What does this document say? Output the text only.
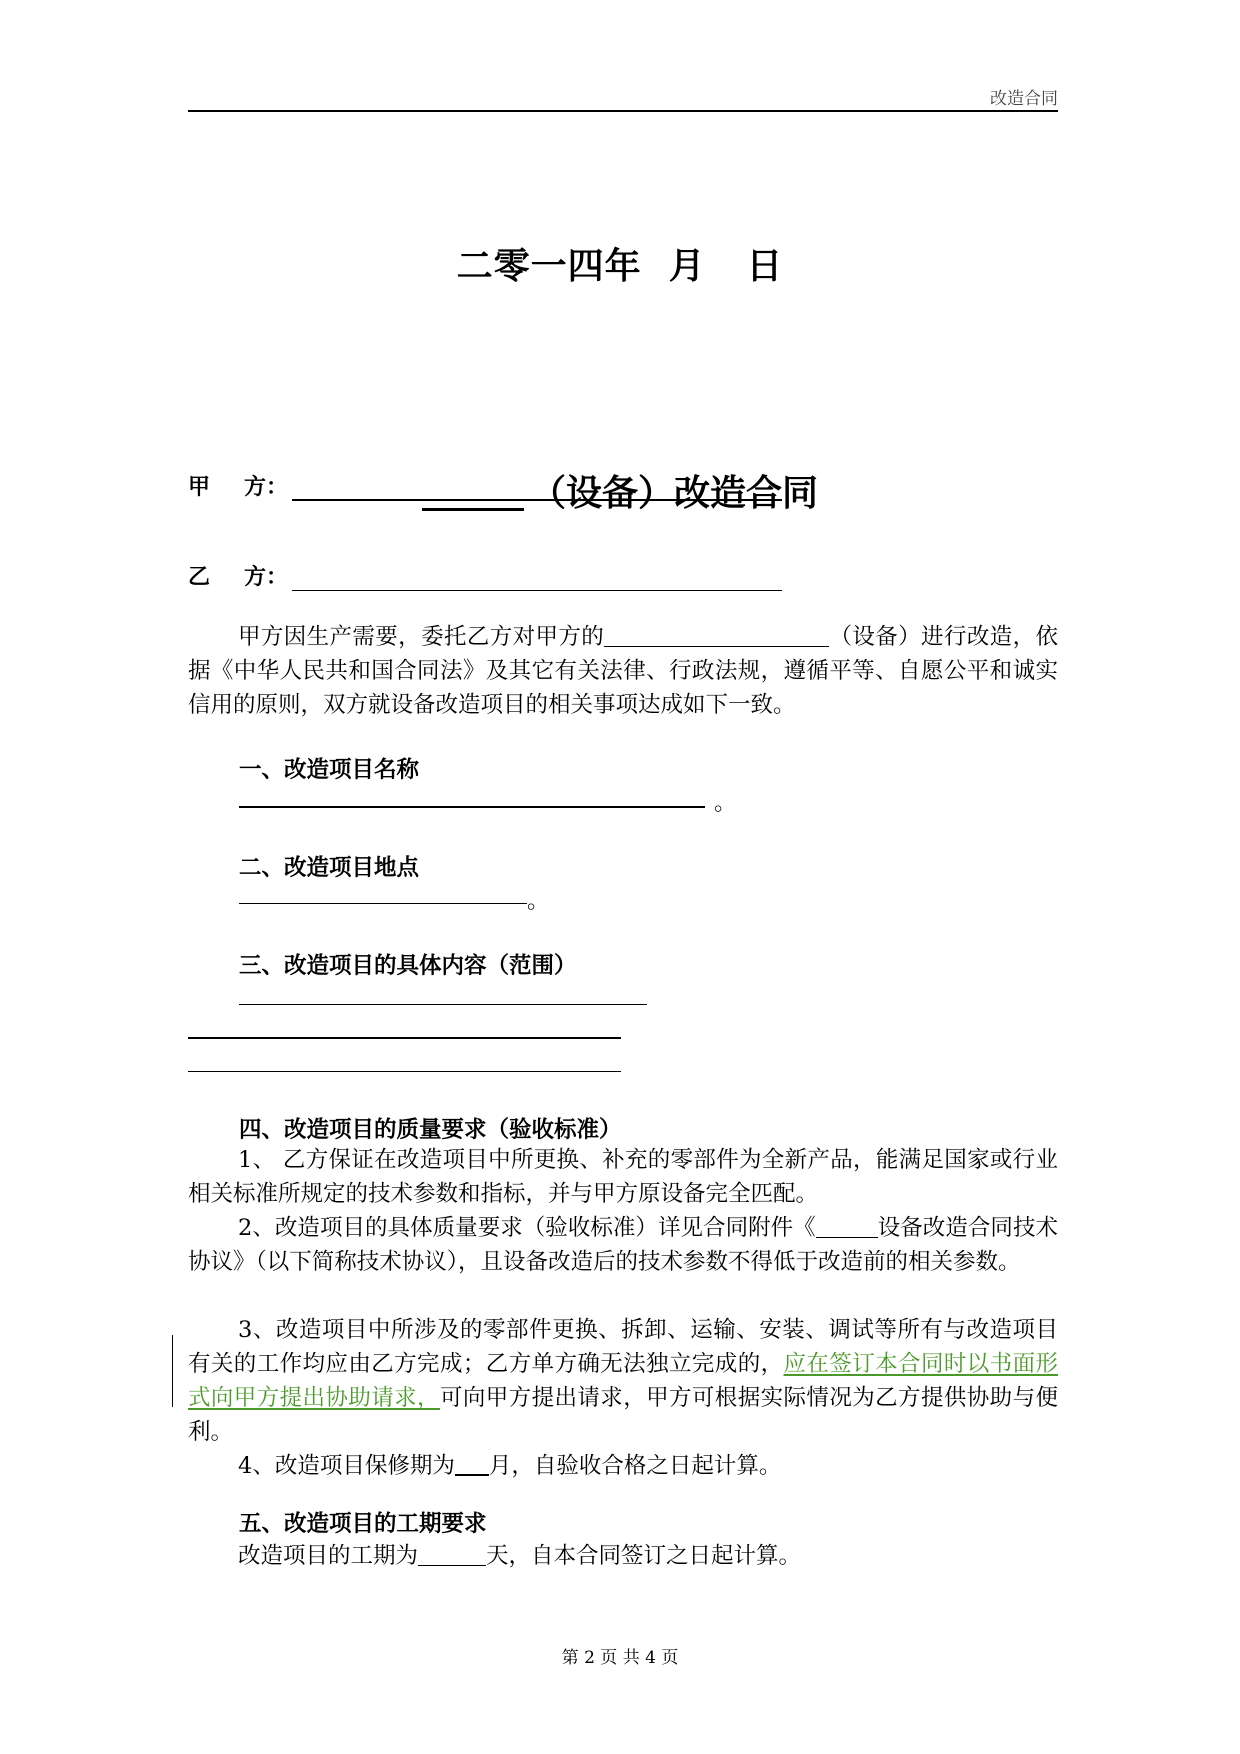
改造合同
二零一四年  月   日
（设备）改造合同
甲 方：
乙 方：
甲方因生产需要，委托乙方对甲方的	（设备）进行改造，依据《中华人民共和国合同法》及其它有关法律、行政法规，遵循平等、自愿公平和诚实信用的原则，双方就设备改造项目的相关事项达成如下一致。
一、改造项目名称
。
二、改造项目地点
。
三、改造项目的具体内容（范围）
四、改造项目的质量要求（验收标准）
1、 乙方保证在改造项目中所更换、补充的零部件为全新产品，能满足国家或行业相关标准所规定的技术参数和指标，并与甲方原设备完全匹配。
2、改造项目的具体质量要求（验收标准）详见合同附件《	设备改造合同技术协议》（以下简称技术协议），且设备改造后的技术参数不得低于改造前的相关参数。
3、改造项目中所涉及的零部件更换、拆卸、运输、安装、调试等所有与改造项目有关的工作均应由乙方完成；乙方单方确无法独立完成的，应在签订本合同时以书面形式向甲方提出协助请求，可向甲方提出请求，甲方可根据实际情况为乙方提供协助与便利。
4、改造项目保修期为 月，自验收合格之日起计算。
五、改造项目的工期要求
改造项目的工期为	天，自本合同签订之日起计算。
第 2 页 共 4 页
